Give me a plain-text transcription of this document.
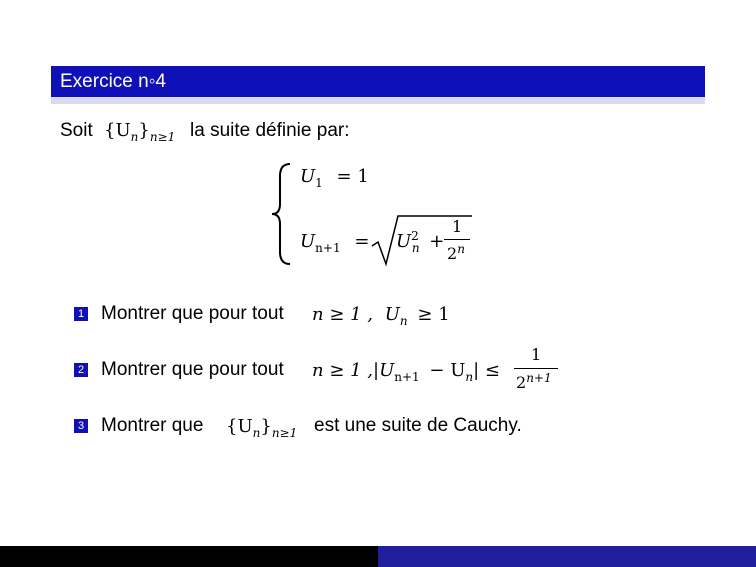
Exercice n◦4
Soit $\{U_n\}_{n\ge 1}$ la suite définie par:
$U_1 = 1$
$U_{n+1} = U^2_n$ +
1
2$^n$
1 Montrer que pour tout n ≥ 1 , $U_n \ge 1$
2 Montrer que pour tout n ≥ 1 $,|U_{n+1} - U_n|$ ≤
1
$2^{n+1}$
3 Montrer que $\{U_n\}_{n\ge 1}$ est une suite de Cauchy.
